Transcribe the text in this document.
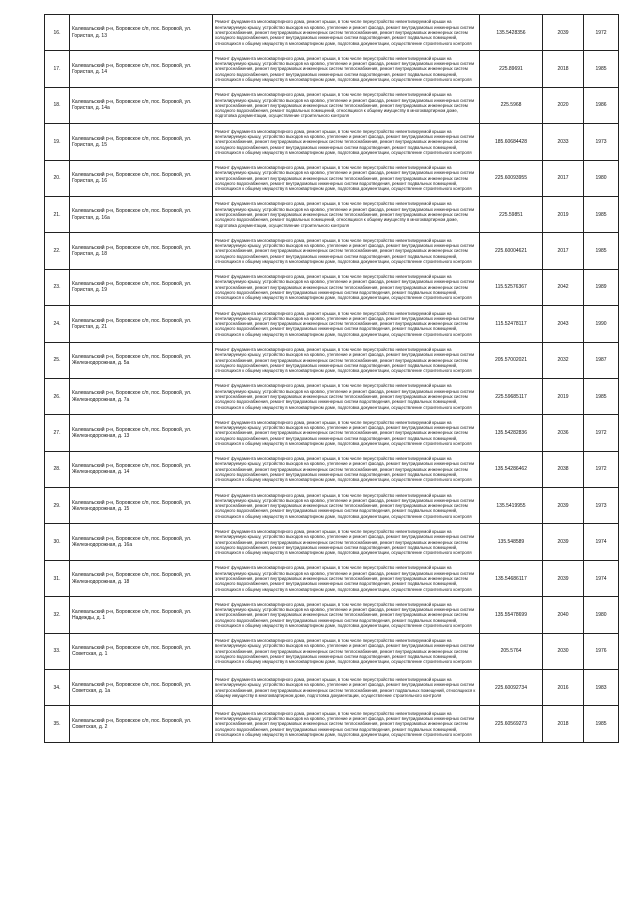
16.	Калевальский р-н, Боровское с/п, пос. Боровой, ул. Гористая, д. 13	Ремонт фундамента многоквартирного дома, ремонт крыши, в том числе переустройство невентилируемой крыши на вентилируемую крышу, устройство выходов на кровлю, утепление и ремонт фасада, ремонт внутридомовых инженерных систем электроснабжения, ремонт внутридомовых инженерных систем теплоснабжения, ремонт внутридомовых инженерных систем холодного водоснабжения, ремонт внутридомовых инженерных систем водоотведения, ремонт подвальных помещений, относящихся к общему имуществу в многоквартирном доме, подготовка документации, осуществление строительного контроля	135.5428356	2039	1972
17.	Калевальский р-н, Боровское с/п, пос. Боровой, ул. Гористая, д. 14	Ремонт фундамента многоквартирного дома, ремонт крыши, в том числе переустройство невентилируемой крыши на вентилируемую крышу, устройство выходов на кровлю, утепление и ремонт фасада, ремонт внутридомовых инженерных систем электроснабжения, ремонт внутридомовых инженерных систем теплоснабжения, ремонт внутридомовых инженерных систем холодного водоснабжения, ремонт внутридомовых инженерных систем водоотведения, ремонт подвальных помещений, относящихся к общему имуществу в многоквартирном доме, подготовка документации, осуществление строительного контроля	225.89691	2018	1985
18.	Калевальский р-н, Боровское с/п, пос. Боровой, ул. Гористая, д. 14а	Ремонт фундамента многоквартирного дома, ремонт крыши, в том числе переустройство невентилируемой крыши на вентилируемую крышу, устройство выходов на кровлю, утепление и ремонт фасада, ремонт внутридомовых инженерных систем электроснабжения, ремонт внутридомовых инженерных систем теплоснабжения, ремонт внутридомовых инженерных систем холодного водоснабжения, ремонт подвальных помещений, относящихся к общему имуществу в многоквартирном доме, подготовка документации, осуществление строительного контроля	225.5968	2020	1986
19.	Калевальский р-н, Боровское с/п, пос. Боровой, ул. Гористая, д. 15	Ремонт фундамента многоквартирного дома, ремонт крыши, в том числе переустройство невентилируемой крыши на вентилируемую крышу, устройство выходов на кровлю, утепление и ремонт фасада, ремонт внутридомовых инженерных систем электроснабжения, ремонт внутридомовых инженерных систем теплоснабжения, ремонт внутридомовых инженерных систем холодного водоснабжения, ремонт внутридомовых инженерных систем водоотведения, ремонт подвальных помещений, относящихся к общему имуществу в многоквартирном доме, подготовка документации, осуществление строительного контроля	185.60684428	2033	1973
20.	Калевальский р-н, Боровское с/п, пос. Боровой, ул. Гористая, д. 16	Ремонт фундамента многоквартирного дома, ремонт крыши, в том числе переустройство невентилируемой крыши на вентилируемую крышу, устройство выходов на кровлю, утепление и ремонт фасада, ремонт внутридомовых инженерных систем электроснабжения, ремонт внутридомовых инженерных систем теплоснабжения, ремонт внутридомовых инженерных систем холодного водоснабжения, ремонт внутридомовых инженерных систем водоотведения, ремонт подвальных помещений, относящихся к общему имуществу в многоквартирном доме, подготовка документации, осуществление строительного контроля	225.60093955	2017	1980
21.	Калевальский р-н, Боровское с/п, пос. Боровой, ул. Гористая, д. 16а	Ремонт фундамента многоквартирного дома, ремонт крыши, в том числе переустройство невентилируемой крыши на вентилируемую крышу, устройство выходов на кровлю, утепление и ремонт фасада, ремонт внутридомовых инженерных систем электроснабжения, ремонт внутридомовых инженерных систем теплоснабжения, ремонт внутридомовых инженерных систем холодного водоснабжения, ремонт подвальных помещений, относящихся к общему имуществу в многоквартирном доме, подготовка документации, осуществление строительного контроля	225.59851	2019	1985
22.	Калевальский р-н, Боровское с/п, пос. Боровой, ул. Гористая, д. 18	Ремонт фундамента многоквартирного дома, ремонт крыши, в том числе переустройство невентилируемой крыши на вентилируемую крышу, устройство выходов на кровлю, утепление и ремонт фасада, ремонт внутридомовых инженерных систем электроснабжения, ремонт внутридомовых инженерных систем теплоснабжения, ремонт внутридомовых инженерных систем холодного водоснабжения, ремонт внутридомовых инженерных систем водоотведения, ремонт подвальных помещений, относящихся к общему имуществу в многоквартирном доме, подготовка документации, осуществление строительного контроля	225.60004621	2017	1985
23.	Калевальский р-н, Боровское с/п, пос. Боровой, ул. Гористая, д. 19	Ремонт фундамента многоквартирного дома, ремонт крыши, в том числе переустройство невентилируемой крыши на вентилируемую крышу, устройство выходов на кровлю, утепление и ремонт фасада, ремонт внутридомовых инженерных систем электроснабжения, ремонт внутридомовых инженерных систем теплоснабжения, ремонт внутридомовых инженерных систем холодного водоснабжения, ремонт внутридомовых инженерных систем водоотведения, ремонт подвальных помещений, относящихся к общему имуществу в многоквартирном доме, подготовка документации, осуществление строительного контроля	115.52576367	2042	1989
24.	Калевальский р-н, Боровское с/п, пос. Боровой, ул. Гористая, д. 21	Ремонт фундамента многоквартирного дома, ремонт крыши, в том числе переустройство невентилируемой крыши на вентилируемую крышу, устройство выходов на кровлю, утепление и ремонт фасада, ремонт внутридомовых инженерных систем электроснабжения, ремонт внутридомовых инженерных систем теплоснабжения, ремонт внутридомовых инженерных систем холодного водоснабжения, ремонт внутридомовых инженерных систем водоотведения, ремонт подвальных помещений, относящихся к общему имуществу в многоквартирном доме, подготовка документации, осуществление строительного контроля	115.52478117	2043	1990
25.	Калевальский р-н, Боровское с/п, пос. Боровой, ул. Железнодорожная, д. 5а	Ремонт фундамента многоквартирного дома, ремонт крыши, в том числе переустройство невентилируемой крыши на вентилируемую крышу, устройство выходов на кровлю, утепление и ремонт фасада, ремонт внутридомовых инженерных систем электроснабжения, ремонт внутридомовых инженерных систем теплоснабжения, ремонт внутридомовых инженерных систем холодного водоснабжения, ремонт внутридомовых инженерных систем водоотведения, ремонт подвальных помещений, относящихся к общему имуществу в многоквартирном доме, подготовка документации, осуществление строительного контроля	205.57002021	2032	1987
26.	Калевальский р-н, Боровское с/п, пос. Боровой, ул. Железнодорожная, д. 7а	Ремонт фундамента многоквартирного дома, ремонт крыши, в том числе переустройство невентилируемой крыши на вентилируемую крышу, устройство выходов на кровлю, утепление и ремонт фасада, ремонт внутридомовых инженерных систем электроснабжения, ремонт внутридомовых инженерных систем теплоснабжения, ремонт внутридомовых инженерных систем холодного водоснабжения, ремонт внутридомовых инженерных систем водоотведения, ремонт подвальных помещений, относящихся к общему имуществу в многоквартирном доме, подготовка документации, осуществление строительного контроля	225.59685117	2019	1985
27.	Калевальский р-н, Боровское с/п, пос. Боровой, ул. Железнодорожная, д. 13	Ремонт фундамента многоквартирного дома, ремонт крыши, в том числе переустройство невентилируемой крыши на вентилируемую крышу, устройство выходов на кровлю, утепление и ремонт фасада, ремонт внутридомовых инженерных систем электроснабжения, ремонт внутридомовых инженерных систем теплоснабжения, ремонт внутридомовых инженерных систем холодного водоснабжения, ремонт внутридомовых инженерных систем водоотведения, ремонт подвальных помещений, относящихся к общему имуществу в многоквартирном доме, подготовка документации, осуществление строительного контроля	135.54282836	2036	1972
28.	Калевальский р-н, Боровское с/п, пос. Боровой, ул. Железнодорожная, д. 14	Ремонт фундамента многоквартирного дома, ремонт крыши, в том числе переустройство невентилируемой крыши на вентилируемую крышу, устройство выходов на кровлю, утепление и ремонт фасада, ремонт внутридомовых инженерных систем электроснабжения, ремонт внутридомовых инженерных систем теплоснабжения, ремонт внутридомовых инженерных систем холодного водоснабжения, ремонт внутридомовых инженерных систем водоотведения, ремонт подвальных помещений, относящихся к общему имуществу в многоквартирном доме, подготовка документации, осуществление строительного контроля	135.54286462	2038	1972
29.	Калевальский р-н, Боровское с/п, пос. Боровой, ул. Железнодорожная, д. 15	Ремонт фундамента многоквартирного дома, ремонт крыши, в том числе переустройство невентилируемой крыши на вентилируемую крышу, устройство выходов на кровлю, утепление и ремонт фасада, ремонт внутридомовых инженерных систем электроснабжения, ремонт внутридомовых инженерных систем теплоснабжения, ремонт внутридомовых инженерных систем холодного водоснабжения, ремонт внутридомовых инженерных систем водоотведения, ремонт подвальных помещений, относящихся к общему имуществу в многоквартирном доме, подготовка документации, осуществление строительного контроля	135.5419955	2039	1973
30.	Калевальский р-н, Боровское с/п, пос. Боровой, ул. Железнодорожная, д. 16а	Ремонт фундамента многоквартирного дома, ремонт крыши, в том числе переустройство невентилируемой крыши на вентилируемую крышу, устройство выходов на кровлю, утепление и ремонт фасада, ремонт внутридомовых инженерных систем электроснабжения, ремонт внутридомовых инженерных систем теплоснабжения, ремонт внутридомовых инженерных систем холодного водоснабжения, ремонт внутридомовых инженерных систем водоотведения, ремонт подвальных помещений, относящихся к общему имуществу в многоквартирном доме, подготовка документации, осуществление строительного контроля	135.548589	2039	1974
31.	Калевальский р-н, Боровское с/п, пос. Боровой, ул. Железнодорожная, д. 18	Ремонт фундамента многоквартирного дома, ремонт крыши, в том числе переустройство невентилируемой крыши на вентилируемую крышу, устройство выходов на кровлю, утепление и ремонт фасада, ремонт внутридомовых инженерных систем электроснабжения, ремонт внутридомовых инженерных систем теплоснабжения, ремонт внутридомовых инженерных систем холодного водоснабжения, ремонт внутридомовых инженерных систем водоотведения, ремонт подвальных помещений, относящихся к общему имуществу в многоквартирном доме, подготовка документации, осуществление строительного контроля	135.54686117	2039	1974
32.	Калевальский р-н, Боровское с/п, пос. Боровой, ул. Надежды, д. 1	Ремонт фундамента многоквартирного дома, ремонт крыши, в том числе переустройство невентилируемой крыши на вентилируемую крышу, устройство выходов на кровлю, утепление и ремонт фасада, ремонт внутридомовых инженерных систем электроснабжения, ремонт внутридомовых инженерных систем теплоснабжения, ремонт внутридомовых инженерных систем холодного водоснабжения, ремонт внутридомовых инженерных систем водоотведения, ремонт подвальных помещений, относящихся к общему имуществу в многоквартирном доме, подготовка документации, осуществление строительного контроля	135.55478699	2040	1980
33.	Калевальский р-н, Боровское с/п, пос. Боровой, ул. Советская, д. 1	Ремонт фундамента многоквартирного дома, ремонт крыши, в том числе переустройство невентилируемой крыши на вентилируемую крышу, устройство выходов на кровлю, утепление и ремонт фасада, ремонт внутридомовых инженерных систем электроснабжения, ремонт внутридомовых инженерных систем теплоснабжения, ремонт внутридомовых инженерных систем холодного водоснабжения, ремонт внутридомовых инженерных систем водоотведения, ремонт подвальных помещений, относящихся к общему имуществу в многоквартирном доме, подготовка документации, осуществление строительного контроля	205.5764	2030	1976
34.	Калевальский р-н, Боровское с/п, пос. Боровой, ул. Советская, д. 1а	Ремонт фундамента многоквартирного дома, ремонт крыши, в том числе переустройство невентилируемой крыши на вентилируемую крышу, устройство выходов на кровлю, утепление и ремонт фасада, ремонт внутридомовых инженерных систем электроснабжения, ремонт внутридомовых инженерных систем теплоснабжения, ремонт подвальных помещений, относящихся к общему имуществу в многоквартирном доме, подготовка документации, осуществление строительного контроля	225.60092734	2016	1983
35.	Калевальский р-н, Боровское с/п, пос. Боровой, ул. Советская, д. 2	Ремонт фундамента многоквартирного дома, ремонт крыши, в том числе переустройство невентилируемой крыши на вентилируемую крышу, устройство выходов на кровлю, утепление и ремонт фасада, ремонт внутридомовых инженерных систем электроснабжения, ремонт внутридомовых инженерных систем теплоснабжения, ремонт внутридомовых инженерных систем холодного водоснабжения, ремонт внутридомовых инженерных систем водоотведения, ремонт подвальных помещений, относящихся к общему имуществу в многоквартирном доме, подготовка документации, осуществление строительного контроля	225.60569273	2018	1985
